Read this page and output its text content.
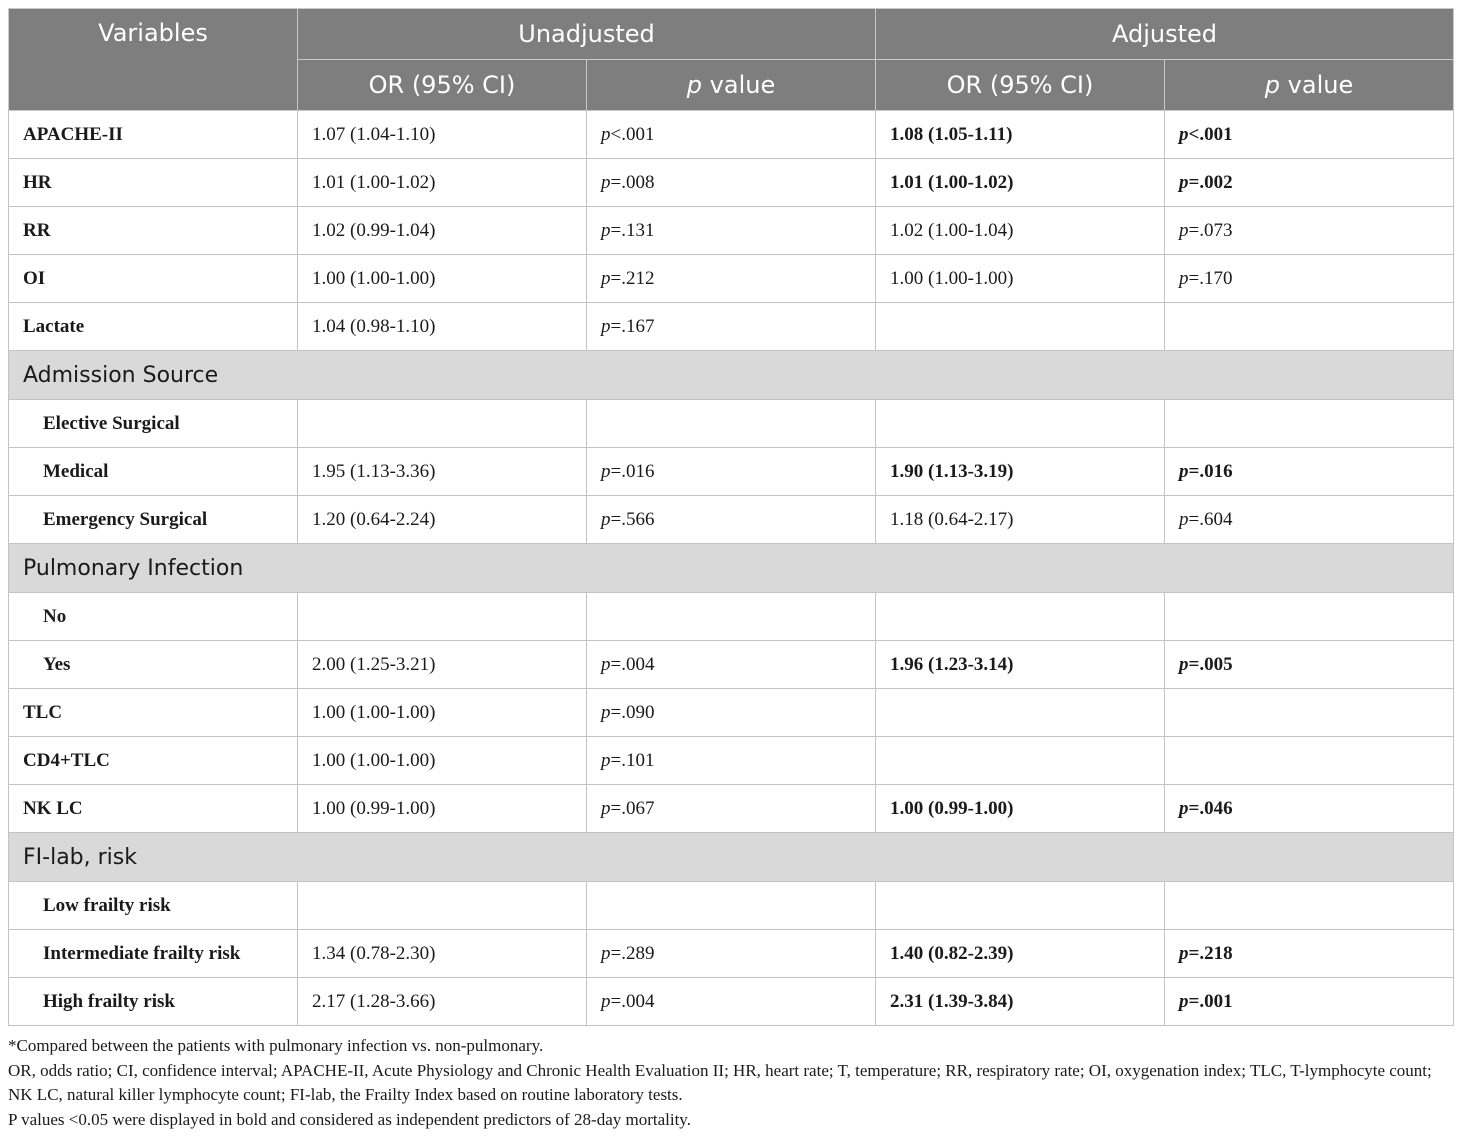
Variables	Unadjusted		Adjusted	
	OR (95% CI)	p value	OR (95% CI)	p value
APACHE-II	1.07 (1.04-1.10)	p<.001	1.08 (1.05-1.11)	p<.001
HR	1.01 (1.00-1.02)	p=.008	1.01 (1.00-1.02)	p=.002
RR	1.02 (0.99-1.04)	p=.131	1.02 (1.00-1.04)	p=.073
OI	1.00 (1.00-1.00)	p=.212	1.00 (1.00-1.00)	p=.170
Lactate	1.04 (0.98-1.10)	p=.167		
Admission Source				
Elective Surgical				
Medical	1.95 (1.13-3.36)	p=.016	1.90 (1.13-3.19)	p=.016
Emergency Surgical	1.20 (0.64-2.24)	p=.566	1.18 (0.64-2.17)	p=.604
Pulmonary Infection				
No				
Yes	2.00 (1.25-3.21)	p=.004	1.96 (1.23-3.14)	p=.005
TLC	1.00 (1.00-1.00)	p=.090		
CD4+TLC	1.00 (1.00-1.00)	p=.101		
NK LC	1.00 (0.99-1.00)	p=.067	1.00 (0.99-1.00)	p=.046
FI-lab, risk				
Low frailty risk				
Intermediate frailty risk	1.34 (0.78-2.30)	p=.289	1.40 (0.82-2.39)	p=.218
High frailty risk	2.17 (1.28-3.66)	p=.004	2.31 (1.39-3.84)	p=.001
*Compared between the patients with pulmonary infection vs. non-pulmonary.
OR, odds ratio; CI, confidence interval; APACHE-II, Acute Physiology and Chronic Health Evaluation II; HR, heart rate; T, temperature; RR, respiratory rate; OI, oxygenation index; TLC, T-lymphocyte count; NK LC, natural killer lymphocyte count; FI-lab, the Frailty Index based on routine laboratory tests.
P values <0.05 were displayed in bold and considered as independent predictors of 28-day mortality.
